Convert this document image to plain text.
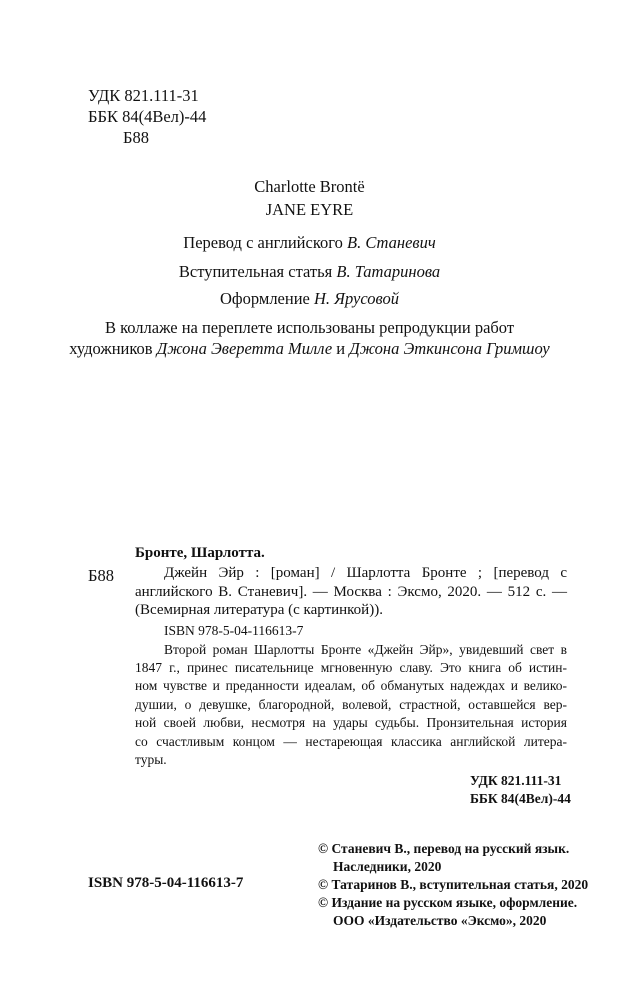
УДК 821.111-31
ББК 84(4Вел)-44
Б88
Charlotte Brontë
JANE EYRE
Перевод с английского В. Станевич
Вступительная статья В. Татаринова
Оформление Н. Ярусовой
В коллаже на переплете использованы репродукции работ
художников Джона Эверетта Милле и Джона Эткинсона Гримшоу
Б88
Бронте, Шарлотта.
Джейн Эйр : [роман] / Шарлотта Бронте ; [перевод с
английского В. Станевич]. — Москва : Эксмо, 2020. — 512 с. —
(Всемирная литература (с картинкой)).
ISBN 978-5-04-116613-7
Второй роман Шарлотты Бронте «Джейн Эйр», увидевший свет в
1847 г., принес писательнице мгновенную славу. Это книга об истин-
ном чувстве и преданности идеалам, об обманутых надеждах и велико-
душии, о девушке, благородной, волевой, страстной, оставшейся вер-
ной своей любви, несмотря на удары судьбы. Пронзительная история
со счастливым концом — нестареющая классика английской литера-
туры.
УДК 821.111-31
ББК 84(4Вел)-44
ISBN 978-5-04-116613-7
© Станевич В., перевод на русский язык.
Наследники, 2020
© Татаринов В., вступительная статья, 2020
© Издание на русском языке, оформление.
ООО «Издательство «Эксмо», 2020
